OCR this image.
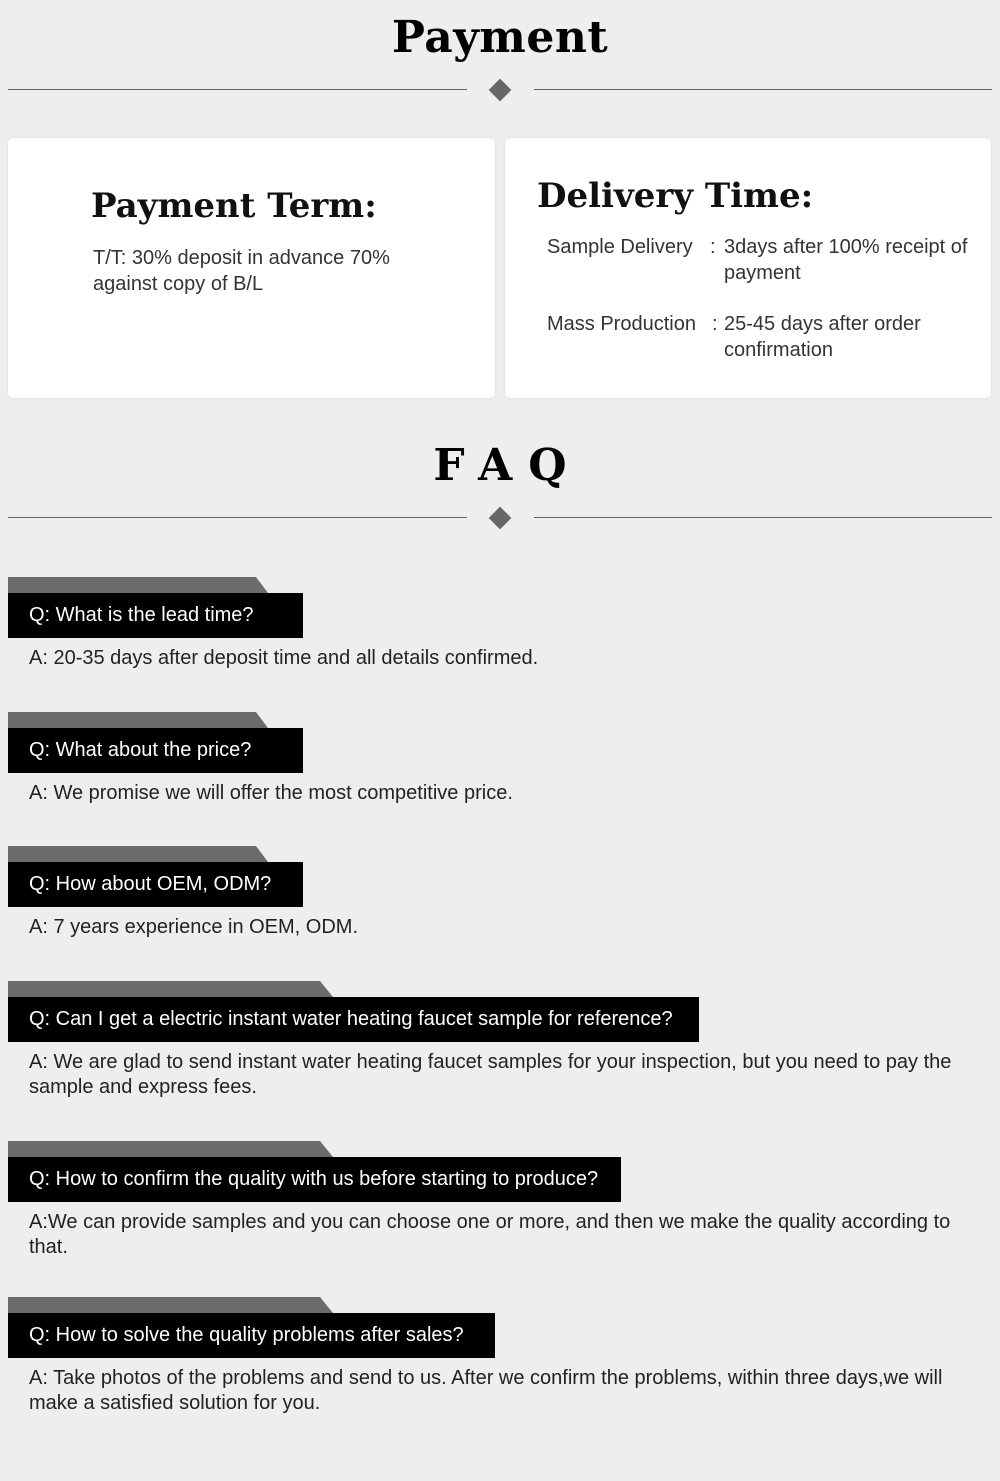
Payment
Payment Term:
T/T: 30% deposit in advance 70% against copy of B/L
Delivery Time:
Sample Delivery : 3days after 100% receipt of payment
Mass Production : 25-45 days after order confirmation
FAQ
Q: What is the lead time?
A: 20-35 days after deposit time and all details confirmed.
Q: What about the price?
A: We promise we will offer the most competitive price.
Q: How about OEM, ODM?
A: 7 years experience in OEM, ODM.
Q: Can I get a electric instant water heating faucet sample for reference?
A: We are glad to send instant water heating faucet samples for your inspection, but you need to pay the sample and express fees.
Q: How to confirm the quality with us before starting to produce?
A:We can provide samples and you can choose one or more, and then we make the quality according to that.
Q: How to solve the quality problems after sales?
A: Take photos of the problems and send to us. After we confirm the problems, within three days,we will make a satisfied solution for you.
